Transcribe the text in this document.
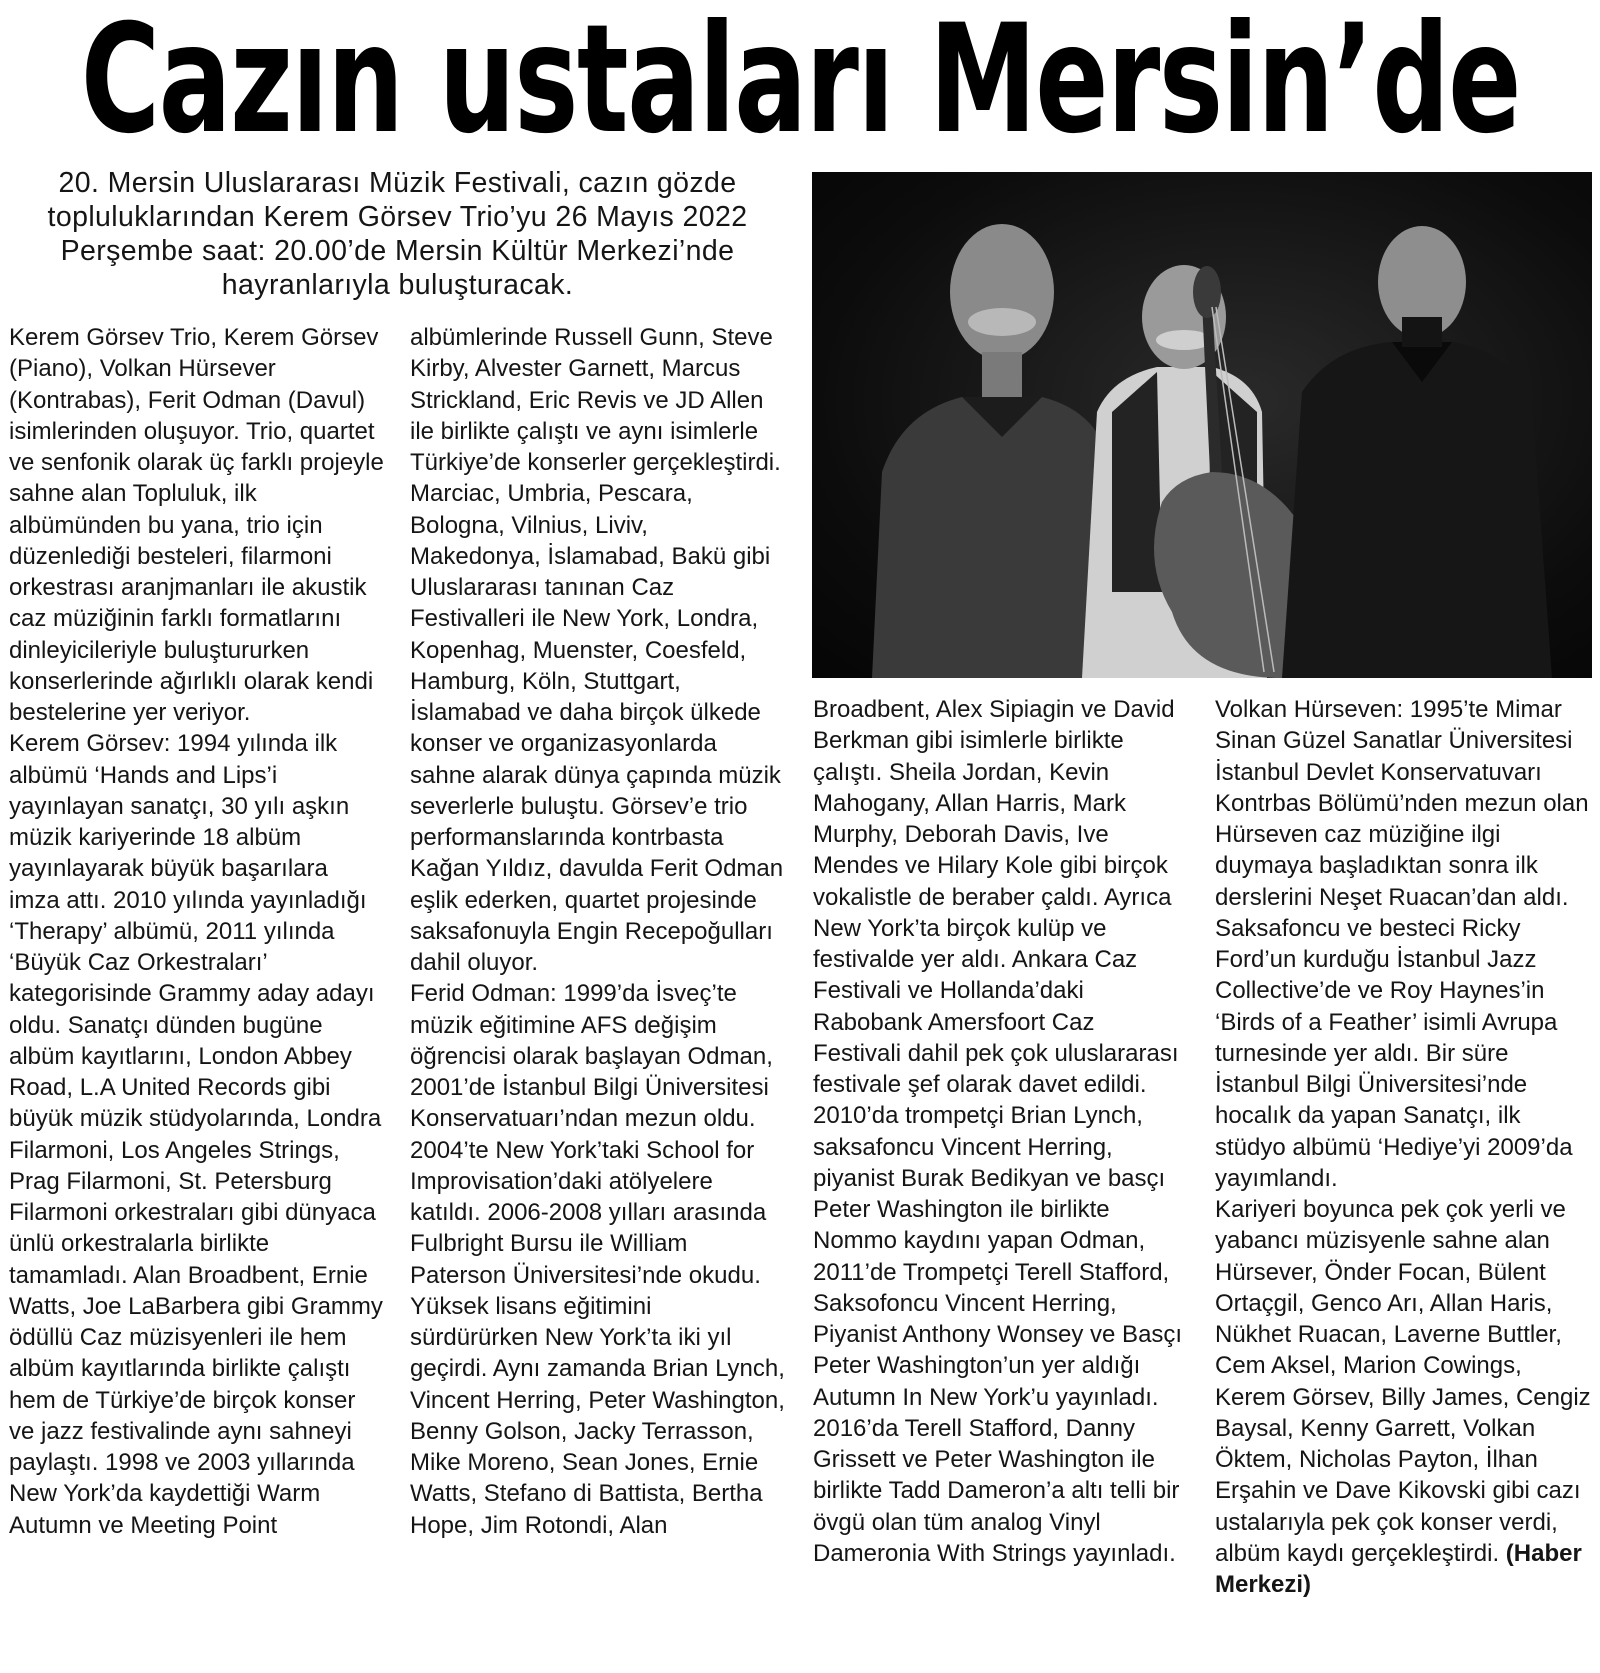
Cazın ustaları Mersin’de
20. Mersin Uluslararası Müzik Festivali, cazın gözde topluluklarından Kerem Görsev Trio’yu 26 Mayıs 2022 Perşembe saat: 20.00’de Mersin Kültür Merkezi’nde hayranlarıyla buluşturacak.

Kerem Görsev Trio, Kerem Görsev (Piano), Volkan Hürsever (Kontrabas), Ferit Odman (Davul) isimlerinden oluşuyor. Trio, quartet ve senfonik olarak üç farklı projeyle sahne alan Topluluk, ilk albümünden bu yana, trio için düzenlediği besteleri, filarmoni orkestrası aranjmanları ile akustik caz müziğinin farklı formatlarını dinleyicileriyle buluştururken konserlerinde ağırlıklı olarak kendi bestelerine yer veriyor.

Kerem Görsev: 1994 yılında ilk albümü ‘Hands and Lips’i yayınlayan sanatçı, 30 yılı aşkın müzik kariyerinde 18 albüm yayınlayarak büyük başarılara imza attı. 2010 yılında yayınladığı ‘Therapy’ albümü, 2011 yılında ‘Büyük Caz Orkestraları’ kategorisinde Grammy aday adayı oldu. Sanatçı dünden bugüne albüm kayıtlarını, London Abbey Road, L.A United Records gibi büyük müzik stüdyolarında, Londra Filarmoni, Los Angeles Strings, Prag Filarmoni, St. Petersburg Filarmoni orkestraları gibi dünyaca ünlü orkestralarla birlikte tamamladı. Alan Broadbent, Ernie Watts, Joe LaBarbera gibi Grammy ödüllü Caz müzisyenleri ile hem albüm kayıtlarında birlikte çalıştı hem de Türkiye’de birçok konser ve jazz festivalinde aynı sahneyi paylaştı. 1998 ve 2003 yıllarında New York’da kaydettiği Warm Autumn ve Meeting Point

albümlerinde Russell Gunn, Steve Kirby, Alvester Garnett, Marcus Strickland, Eric Revis ve JD Allen ile birlikte çalıştı ve aynı isimlerle Türkiye’de konserler gerçekleştirdi. Marciac, Umbria, Pescara, Bologna, Vilnius, Liviv, Makedonya, İslamabad, Bakü gibi Uluslararası tanınan Caz Festivalleri ile New York, Londra, Kopenhag, Muenster, Coesfeld, Hamburg, Köln, Stuttgart, İslamabad ve daha birçok ülkede konser ve organizasyonlarda sahne alarak dünya çapında müzik severlerle buluştu. Görsev’e trio performanslarında kontrbasta Kağan Yıldız, davulda Ferit Odman eşlik ederken, quartet projesinde saksafonuyla Engin Recepoğulları dahil oluyor.

Ferid Odman: 1999’da İsveç’te müzik eğitimine AFS değişim öğrencisi olarak başlayan Odman, 2001’de İstanbul Bilgi Üniversitesi Konservatuarı’ndan mezun oldu. 2004’te New York’taki School for Improvisation’daki atölyelere katıldı. 2006-2008 yılları arasında Fulbright Bursu ile William Paterson Üniversitesi’nde okudu. Yüksek lisans eğitimini sürdürürken New York’ta iki yıl geçirdi. Aynı zamanda Brian Lynch, Vincent Herring, Peter Washington, Benny Golson, Jacky Terrasson, Mike Moreno, Sean Jones, Ernie Watts, Stefano di Battista, Bertha Hope, Jim Rotondi, Alan

Broadbent, Alex Sipiagin ve David Berkman gibi isimlerle birlikte çalıştı. Sheila Jordan, Kevin Mahogany, Allan Harris, Mark Murphy, Deborah Davis, Ive Mendes ve Hilary Kole gibi birçok vokalistle de beraber çaldı. Ayrıca New York’ta birçok kulüp ve festivalde yer aldı. Ankara Caz Festivali ve Hollanda’daki Rabobank Amersfoort Caz Festivali dahil pek çok uluslararası festivale şef olarak davet edildi. 2010’da trompetçi Brian Lynch, saksafoncu Vincent Herring, piyanist Burak Bedikyan ve basçı Peter Washington ile birlikte Nommo kaydını yapan Odman, 2011’de Trompetçi Terell Stafford, Saksofoncu Vincent Herring, Piyanist Anthony Wonsey ve Basçı Peter Washington’un yer aldığı Autumn In New York’u yayınladı. 2016’da Terell Stafford, Danny Grissett ve Peter Washington ile birlikte Tadd Dameron’a altı telli bir övgü olan tüm analog Vinyl Dameronia With Strings yayınladı.

Volkan Hürseven: 1995’te Mimar Sinan Güzel Sanatlar Üniversitesi İstanbul Devlet Konservatuvarı Kontrbas Bölümü’nden mezun olan Hürseven caz müziğine ilgi duymaya başladıktan sonra ilk derslerini Neşet Ruacan’dan aldı. Saksafoncu ve besteci Ricky Ford’un kurduğu İstanbul Jazz Collective’de ve Roy Haynes’in ‘Birds of a Feather’ isimli Avrupa turnesinde yer aldı. Bir süre İstanbul Bilgi Üniversitesi’nde hocalık da yapan Sanatçı, ilk stüdyo albümü ‘Hediye’yi 2009’da yayımlandı.

Kariyeri boyunca pek çok yerli ve yabancı müzisyenle sahne alan Hürsever, Önder Focan, Bülent Ortaçgil, Genco Arı, Allan Haris, Nükhet Ruacan, Laverne Buttler, Cem Aksel, Marion Cowings, Kerem Görsev, Billy James, Cengiz Baysal, Kenny Garrett, Volkan Öktem, Nicholas Payton, İlhan Erşahin ve Dave Kikovski gibi cazı ustalarıyla pek çok konser verdi, albüm kaydı gerçekleştirdi. (Haber Merkezi)
